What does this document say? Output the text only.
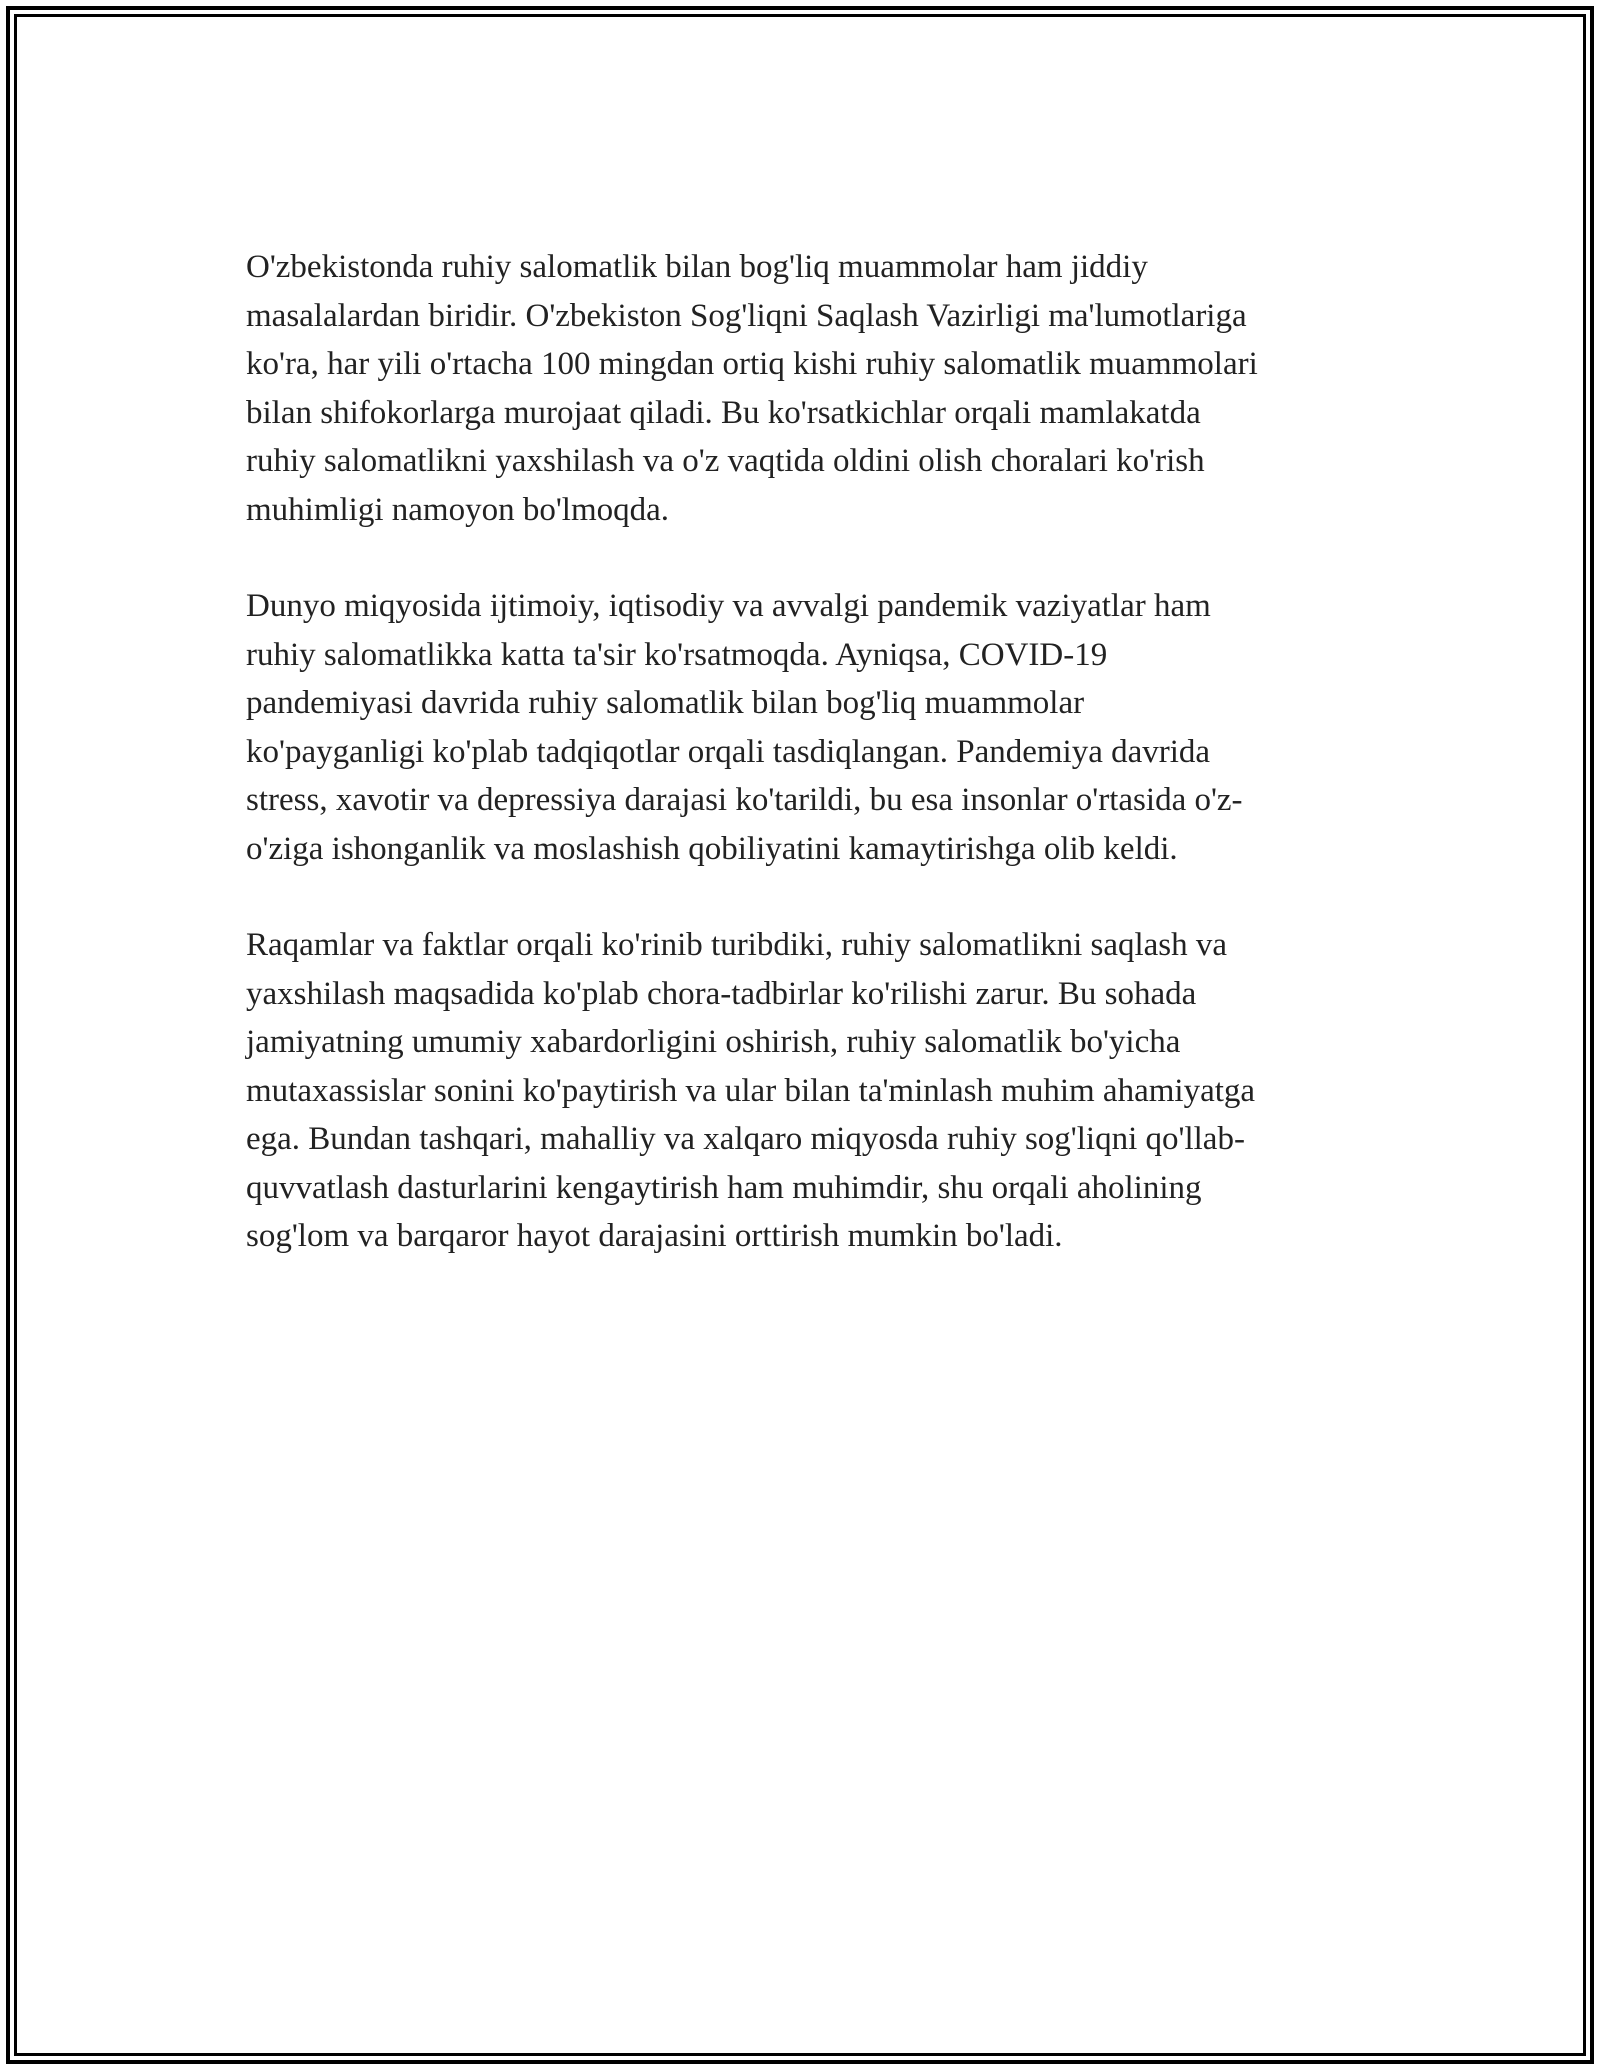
O'zbekistonda ruhiy salomatlik bilan bog'liq muammolar ham jiddiy
masalalardan biridir. O'zbekiston Sog'liqni Saqlash Vazirligi ma'lumotlariga
ko'ra, har yili o'rtacha 100 mingdan ortiq kishi ruhiy salomatlik muammolari
bilan shifokorlarga murojaat qiladi. Bu ko'rsatkichlar orqali mamlakatda
ruhiy salomatlikni yaxshilash va o'z vaqtida oldini olish choralari ko'rish
muhimligi namoyon bo'lmoqda.

Dunyo miqyosida ijtimoiy, iqtisodiy va avvalgi pandemik vaziyatlar ham
ruhiy salomatlikka katta ta'sir ko'rsatmoqda. Ayniqsa, COVID-19
pandemiyasi davrida ruhiy salomatlik bilan bog'liq muammolar
ko'payganligi ko'plab tadqiqotlar orqali tasdiqlangan. Pandemiya davrida
stress, xavotir va depressiya darajasi ko'tarildi, bu esa insonlar o'rtasida o'z-
o'ziga ishonganlik va moslashish qobiliyatini kamaytirishga olib keldi.

Raqamlar va faktlar orqali ko'rinib turibdiki, ruhiy salomatlikni saqlash va
yaxshilash maqsadida ko'plab chora-tadbirlar ko'rilishi zarur. Bu sohada
jamiyatning umumiy xabardorligini oshirish, ruhiy salomatlik bo'yicha
mutaxassislar sonini ko'paytirish va ular bilan ta'minlash muhim ahamiyatga
ega. Bundan tashqari, mahalliy va xalqaro miqyosda ruhiy sog'liqni qo'llab-
quvvatlash dasturlarini kengaytirish ham muhimdir, shu orqali aholining
sog'lom va barqaror hayot darajasini orttirish mumkin bo'ladi.
